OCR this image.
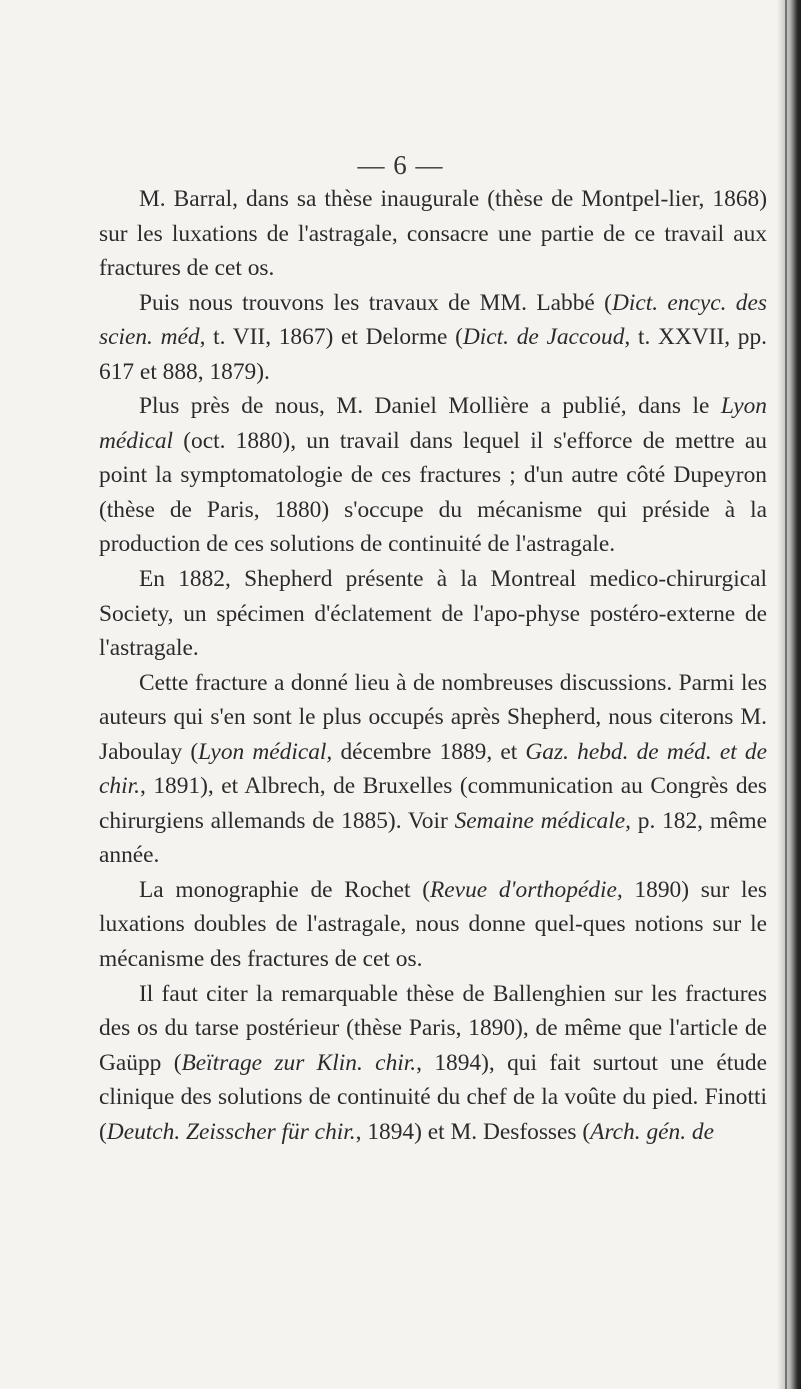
— 6 —

M. Barral, dans sa thèse inaugurale (thèse de Montpel-lier, 1868) sur les luxations de l'astragale, consacre une partie de ce travail aux fractures de cet os.

Puis nous trouvons les travaux de MM. Labbé (Dict. encyc. des scien. méd, t. VII, 1867) et Delorme (Dict. de Jaccoud, t. XXVII, pp. 617 et 888, 1879).

Plus près de nous, M. Daniel Mollière a publié, dans le Lyon médical (oct. 1880), un travail dans lequel il s'efforce de mettre au point la symptomatologie de ces fractures ; d'un autre côté Dupeyron (thèse de Paris, 1880) s'occupe du mécanisme qui préside à la production de ces solutions de continuité de l'astragale.

En 1882, Shepherd présente à la Montreal medico-chirurgical Society, un spécimen d'éclatement de l'apo-physe postéro-externe de l'astragale.

Cette fracture a donné lieu à de nombreuses discussions. Parmi les auteurs qui s'en sont le plus occupés après Shepherd, nous citerons M. Jaboulay (Lyon médical, décembre 1889, et Gaz. hebd. de méd. et de chir., 1891), et Albrech, de Bruxelles (communication au Congrès des chirurgiens allemands de 1885). Voir Semaine médicale, p. 182, même année.

La monographie de Rochet (Revue d'orthopédie, 1890) sur les luxations doubles de l'astragale, nous donne quel-ques notions sur le mécanisme des fractures de cet os.

Il faut citer la remarquable thèse de Ballenghien sur les fractures des os du tarse postérieur (thèse Paris, 1890), de même que l'article de Gaüpp (Beïtrage zur Klin. chir., 1894), qui fait surtout une étude clinique des solutions de continuité du chef de la voûte du pied. Finotti (Deutch. Zeisscher für chir., 1894) et M. Desfosses (Arch. gén. de
